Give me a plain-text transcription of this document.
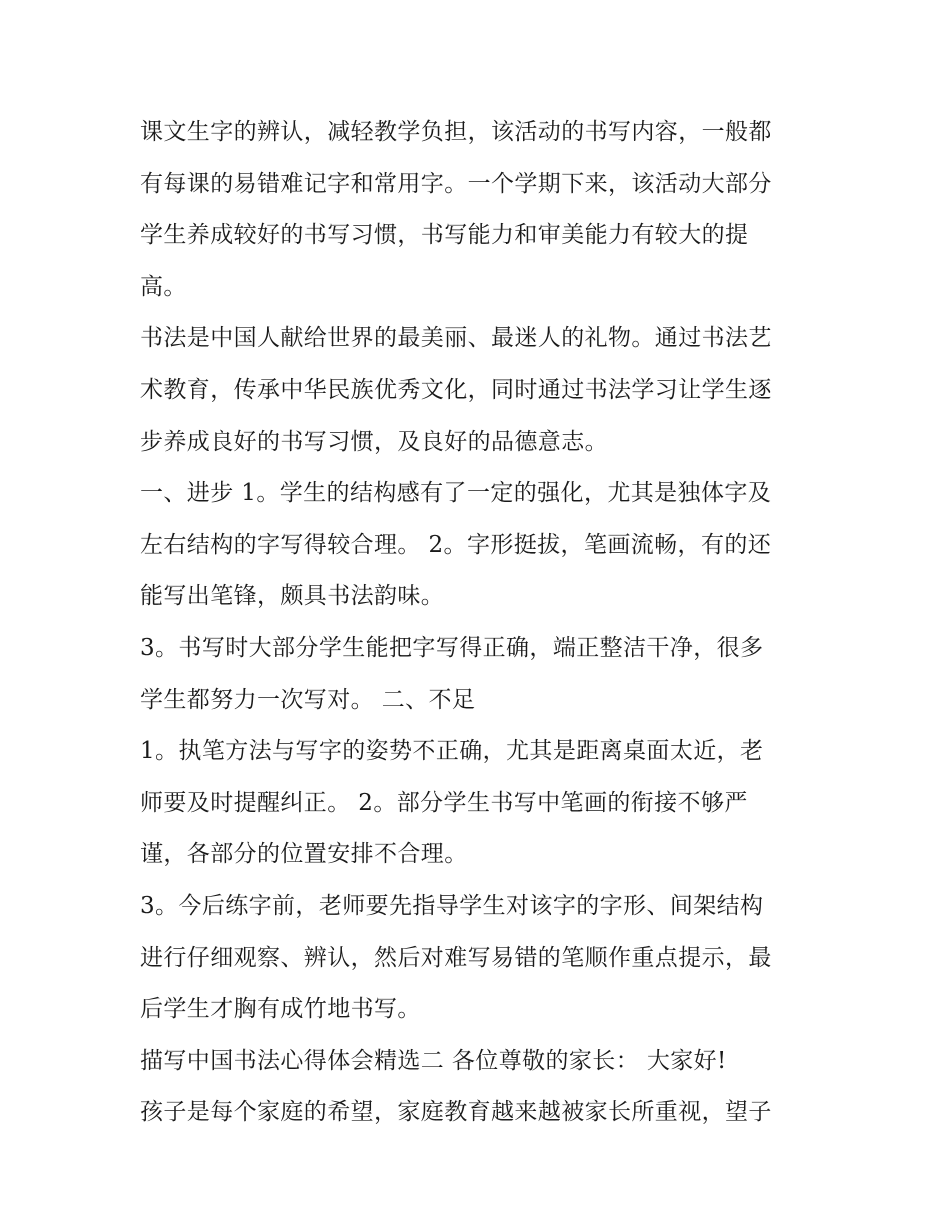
课文生字的辨认，减轻教学负担，该活动的书写内容，一般都
有每课的易错难记字和常用字。一个学期下来，该活动大部分
学生养成较好的书写习惯，书写能力和审美能力有较大的提
高。
书法是中国人献给世界的最美丽、最迷人的礼物。通过书法艺
术教育，传承中华民族优秀文化，同时通过书法学习让学生逐
步养成良好的书写习惯，及良好的品德意志。
一、进步 1。学生的结构感有了一定的强化，尤其是独体字及
左右结构的字写得较合理。 2。字形挺拔，笔画流畅，有的还
能写出笔锋，颇具书法韵味。
3。书写时大部分学生能把字写得正确，端正整洁干净，很多
学生都努力一次写对。 二、不足
1。执笔方法与写字的姿势不正确，尤其是距离桌面太近，老
师要及时提醒纠正。 2。部分学生书写中笔画的衔接不够严
谨，各部分的位置安排不合理。
3。今后练字前，老师要先指导学生对该字的字形、间架结构
进行仔细观察、辨认，然后对难写易错的笔顺作重点提示，最
后学生才胸有成竹地书写。
描写中国书法心得体会精选二 各位尊敬的家长： 大家好!
孩子是每个家庭的希望，家庭教育越来越被家长所重视，望子
